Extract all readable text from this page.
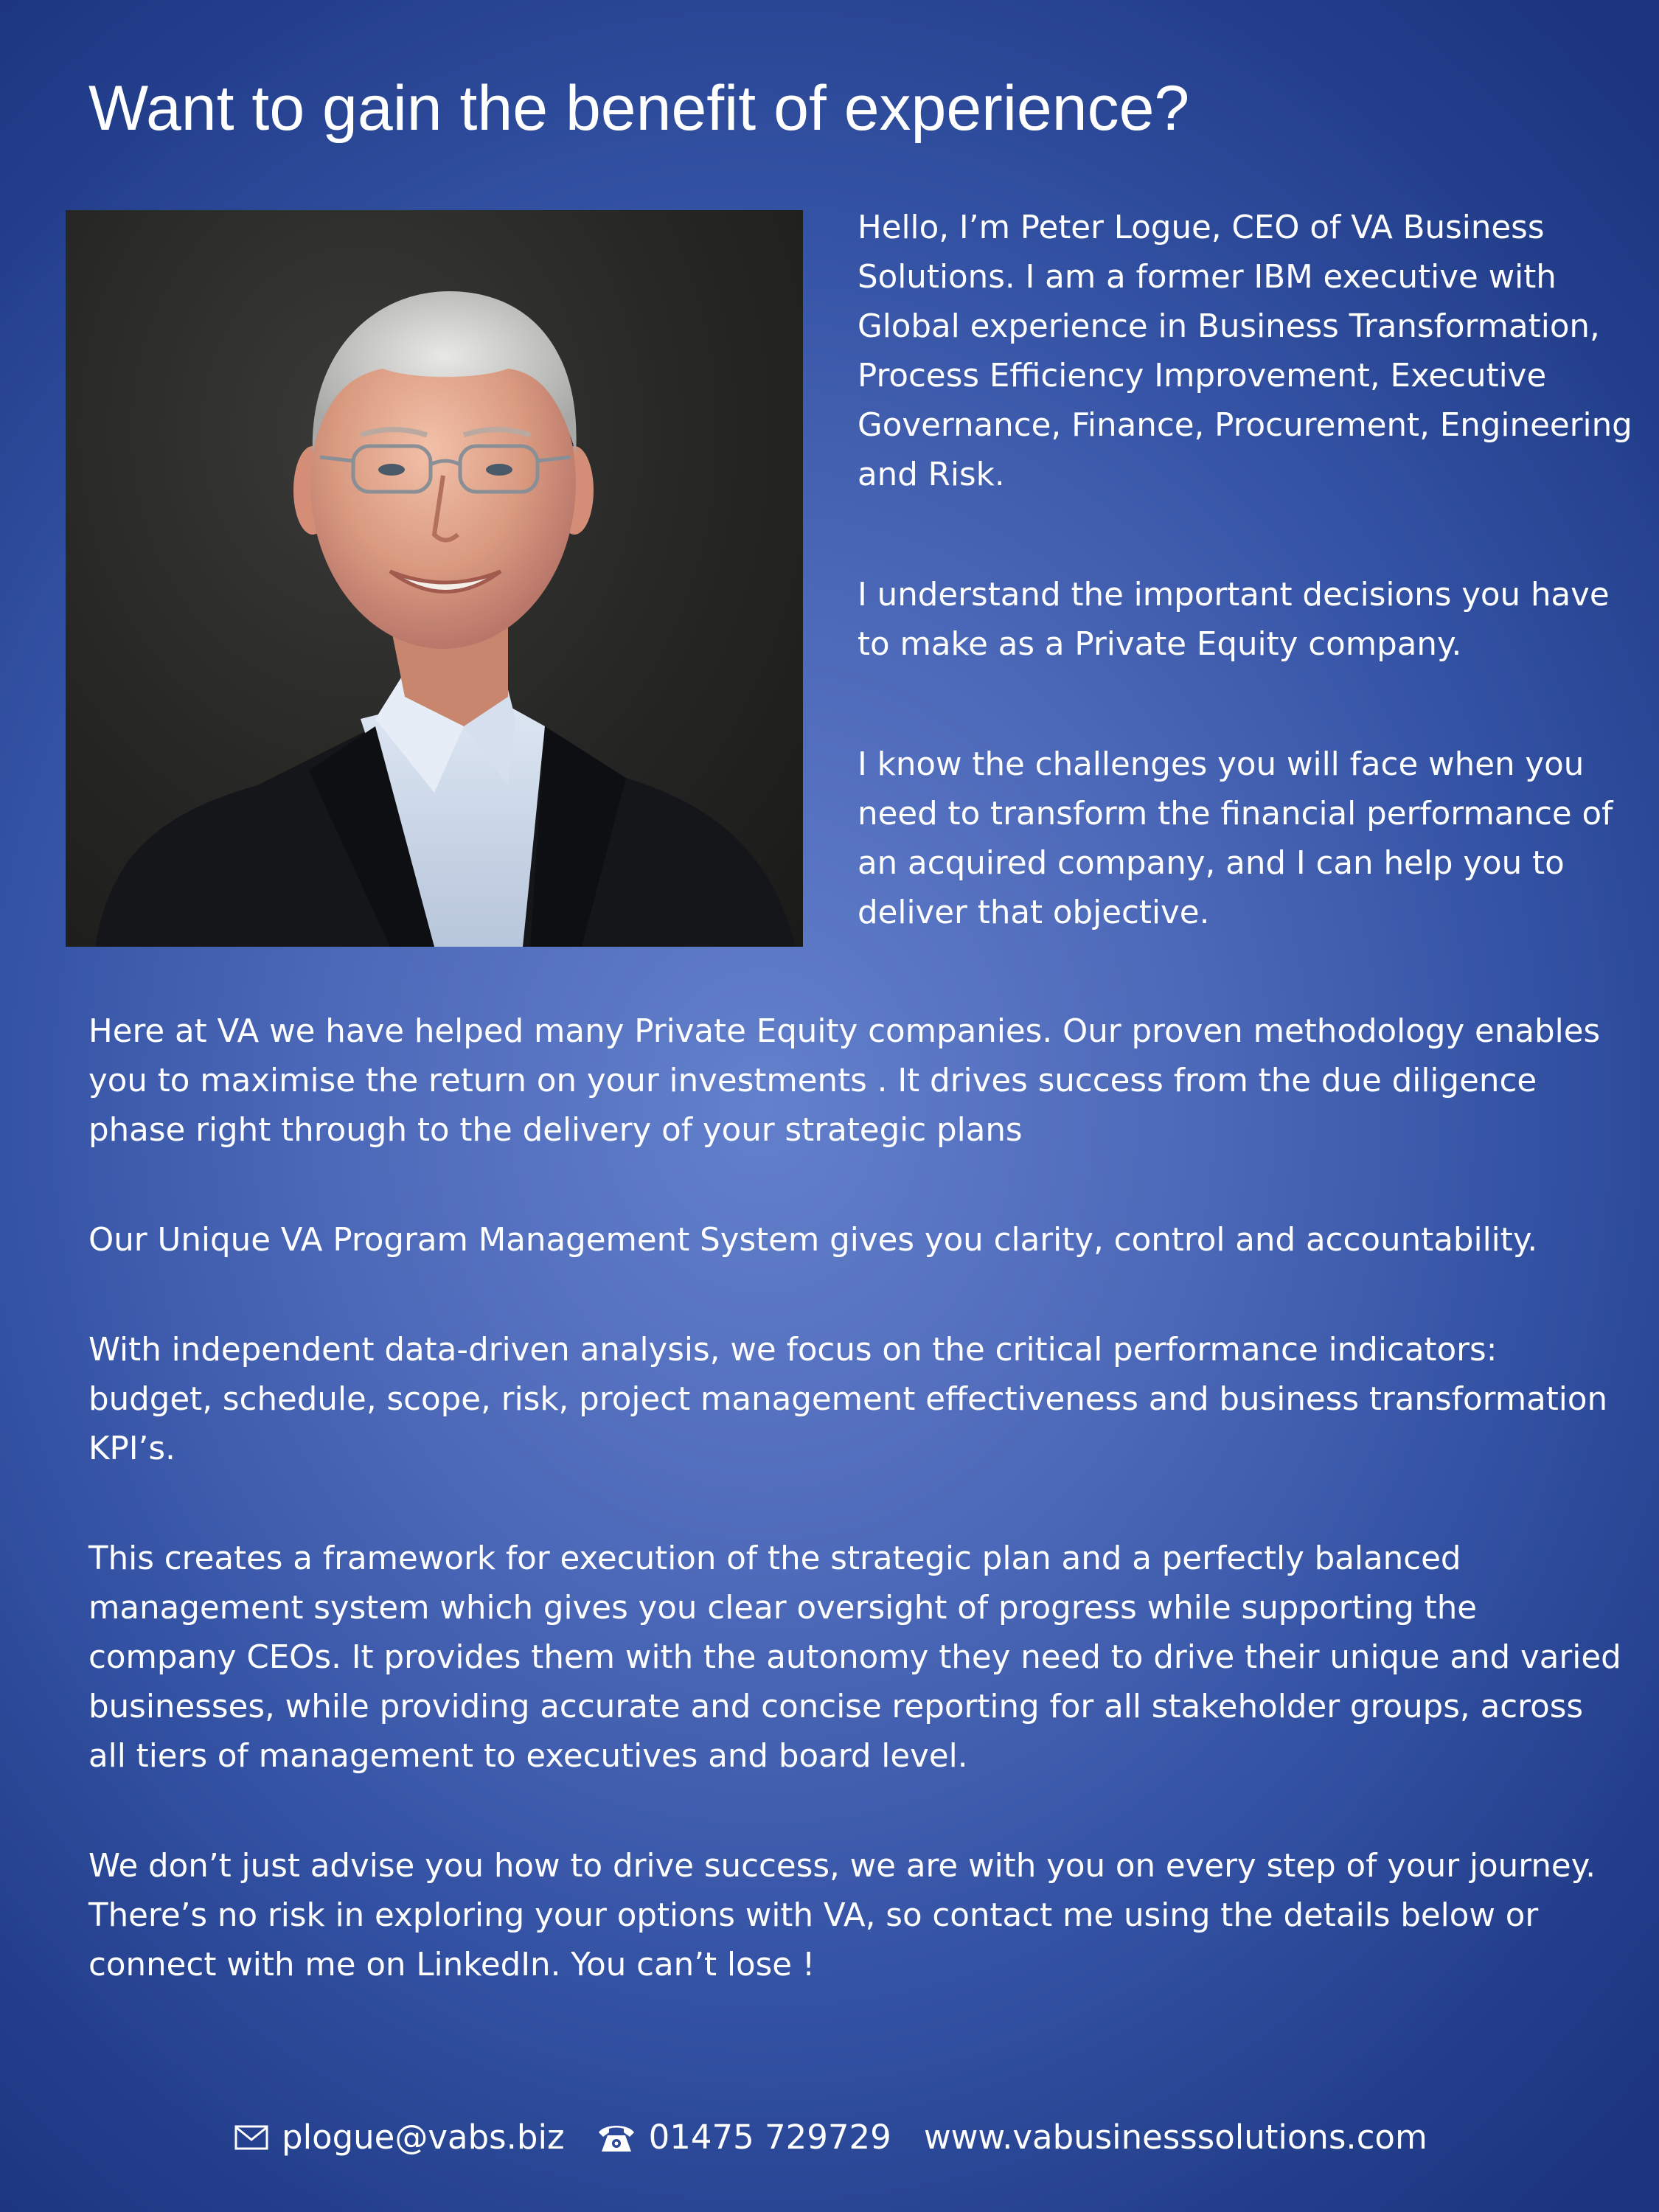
Want to gain the benefit of experience?

Hello, I’m Peter Logue, CEO of VA Business Solutions. I am a former IBM executive with Global experience in Business Transformation, Process Efficiency Improvement, Executive Governance, Finance, Procurement, Engineering and Risk.

I understand the important decisions you have to make as a Private Equity company.

I know the challenges you will face when you need to transform the financial performance of an acquired company, and I can help you to deliver that objective.

Here at VA we have helped many Private Equity companies. Our proven methodology enables you to maximise the return on your investments . It drives success from the due diligence phase right through to the delivery of your strategic plans

Our Unique VA Program Management System gives you clarity, control and accountability.

With independent data-driven analysis, we focus on the critical performance indicators: budget, schedule, scope, risk, project management effectiveness and business transformation KPI’s.

This creates a framework for execution of the strategic plan and a perfectly balanced management system which gives you clear oversight of progress while supporting the company CEOs. It provides them with the autonomy they need to drive their unique and varied businesses, while providing accurate and concise reporting for all stakeholder groups, across all tiers of management to executives and board level.

We don’t just advise you how to drive success, we are with you on every step of your journey. There’s no risk in exploring your options with VA, so contact me using the details below or connect with me on LinkedIn. You can’t lose !

plogue@vabs.biz	01475 729729 www.vabusinesssolutions.com
